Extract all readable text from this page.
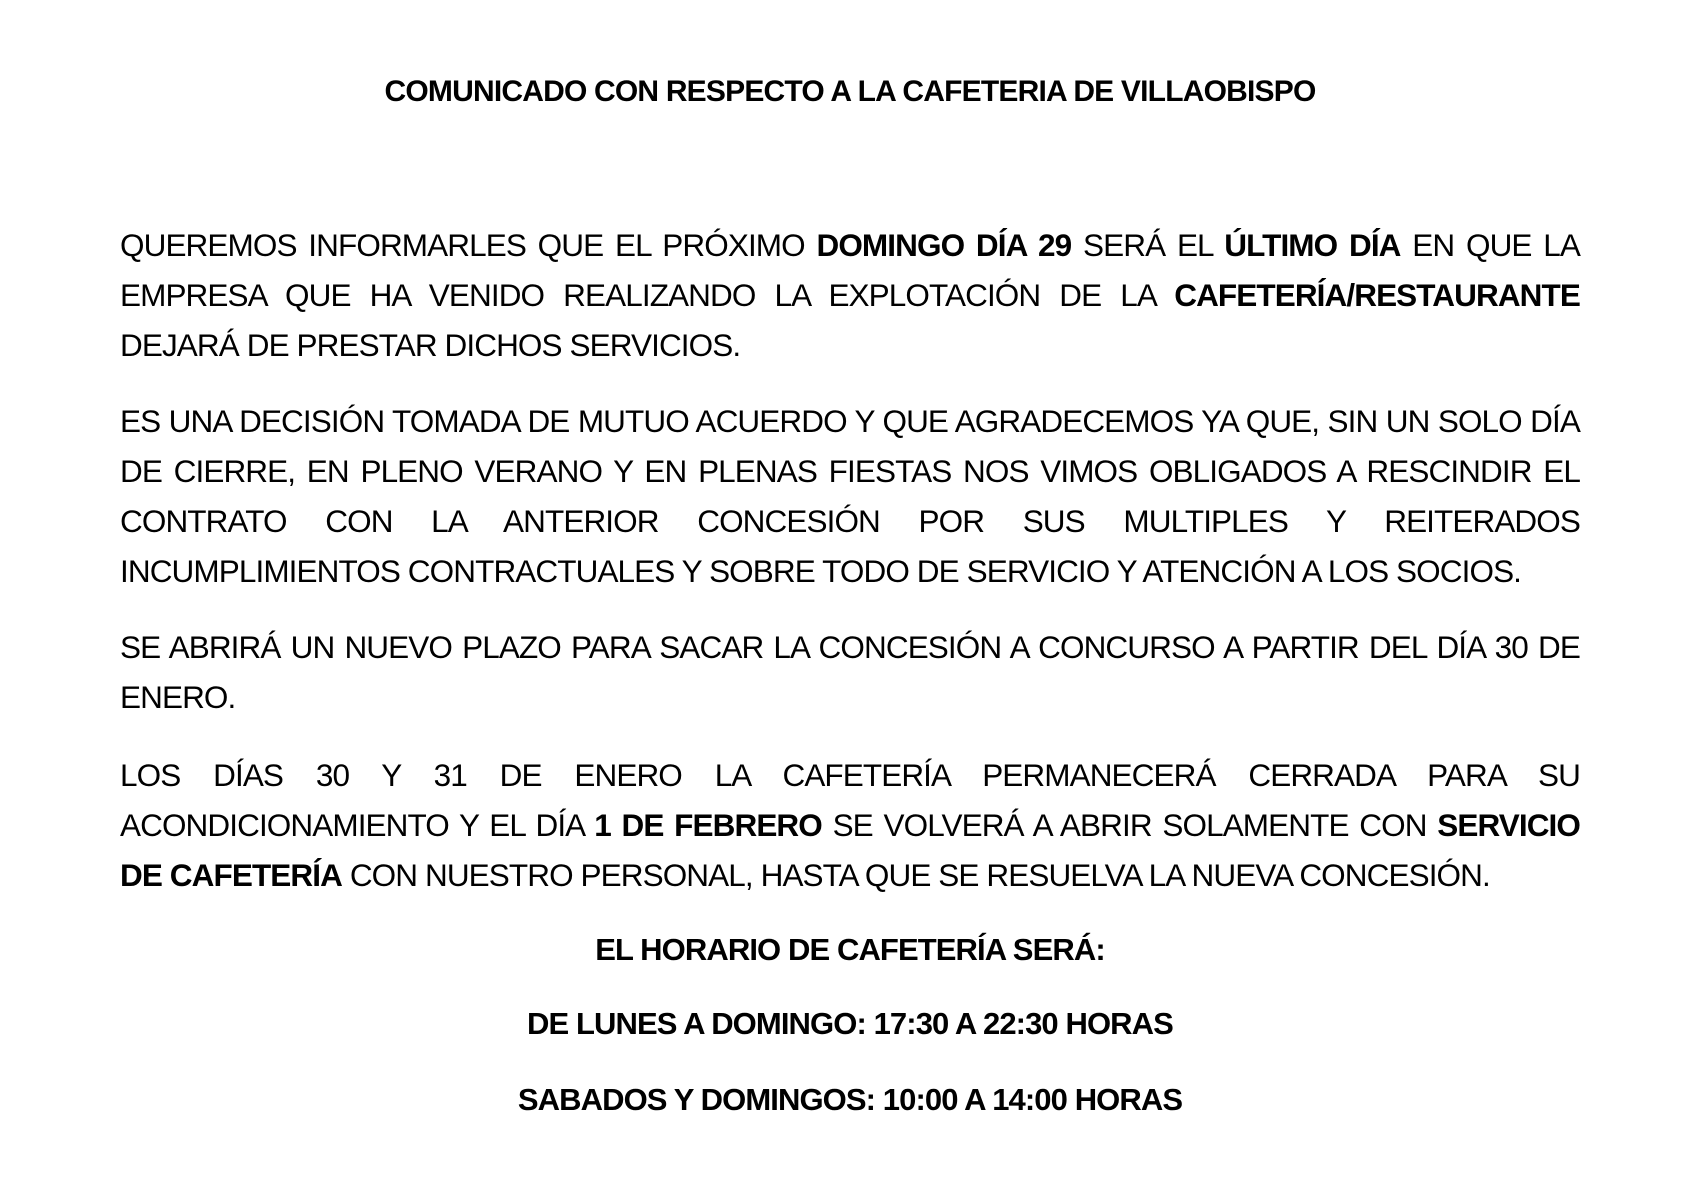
COMUNICADO CON RESPECTO A LA CAFETERIA DE VILLAOBISPO

QUEREMOS INFORMARLES QUE EL PRÓXIMO DOMINGO DÍA 29 SERÁ EL ÚLTIMO DÍA EN QUE LA EMPRESA QUE HA VENIDO REALIZANDO LA EXPLOTACIÓN DE LA CAFETERÍA/RESTAURANTE DEJARÁ DE PRESTAR DICHOS SERVICIOS.

ES UNA DECISIÓN TOMADA DE MUTUO ACUERDO Y QUE AGRADECEMOS YA QUE, SIN UN SOLO DÍA DE CIERRE, EN PLENO VERANO Y EN PLENAS FIESTAS NOS VIMOS OBLIGADOS A RESCINDIR EL CONTRATO CON LA ANTERIOR CONCESIÓN POR SUS MULTIPLES Y REITERADOS INCUMPLIMIENTOS CONTRACTUALES Y SOBRE TODO DE SERVICIO Y ATENCIÓN A LOS SOCIOS.

SE ABRIRÁ UN NUEVO PLAZO PARA SACAR LA CONCESIÓN A CONCURSO A PARTIR DEL DÍA 30 DE ENERO.

LOS DÍAS 30 Y 31 DE ENERO LA CAFETERÍA PERMANECERÁ CERRADA PARA SU ACONDICIONAMIENTO Y EL DÍA 1 DE FEBRERO SE VOLVERÁ A ABRIR SOLAMENTE CON SERVICIO DE CAFETERÍA CON NUESTRO PERSONAL, HASTA QUE SE RESUELVA LA NUEVA CONCESIÓN.

EL HORARIO DE CAFETERÍA SERÁ:

DE LUNES A DOMINGO: 17:30 A 22:30 HORAS

SABADOS Y DOMINGOS: 10:00 A 14:00 HORAS
